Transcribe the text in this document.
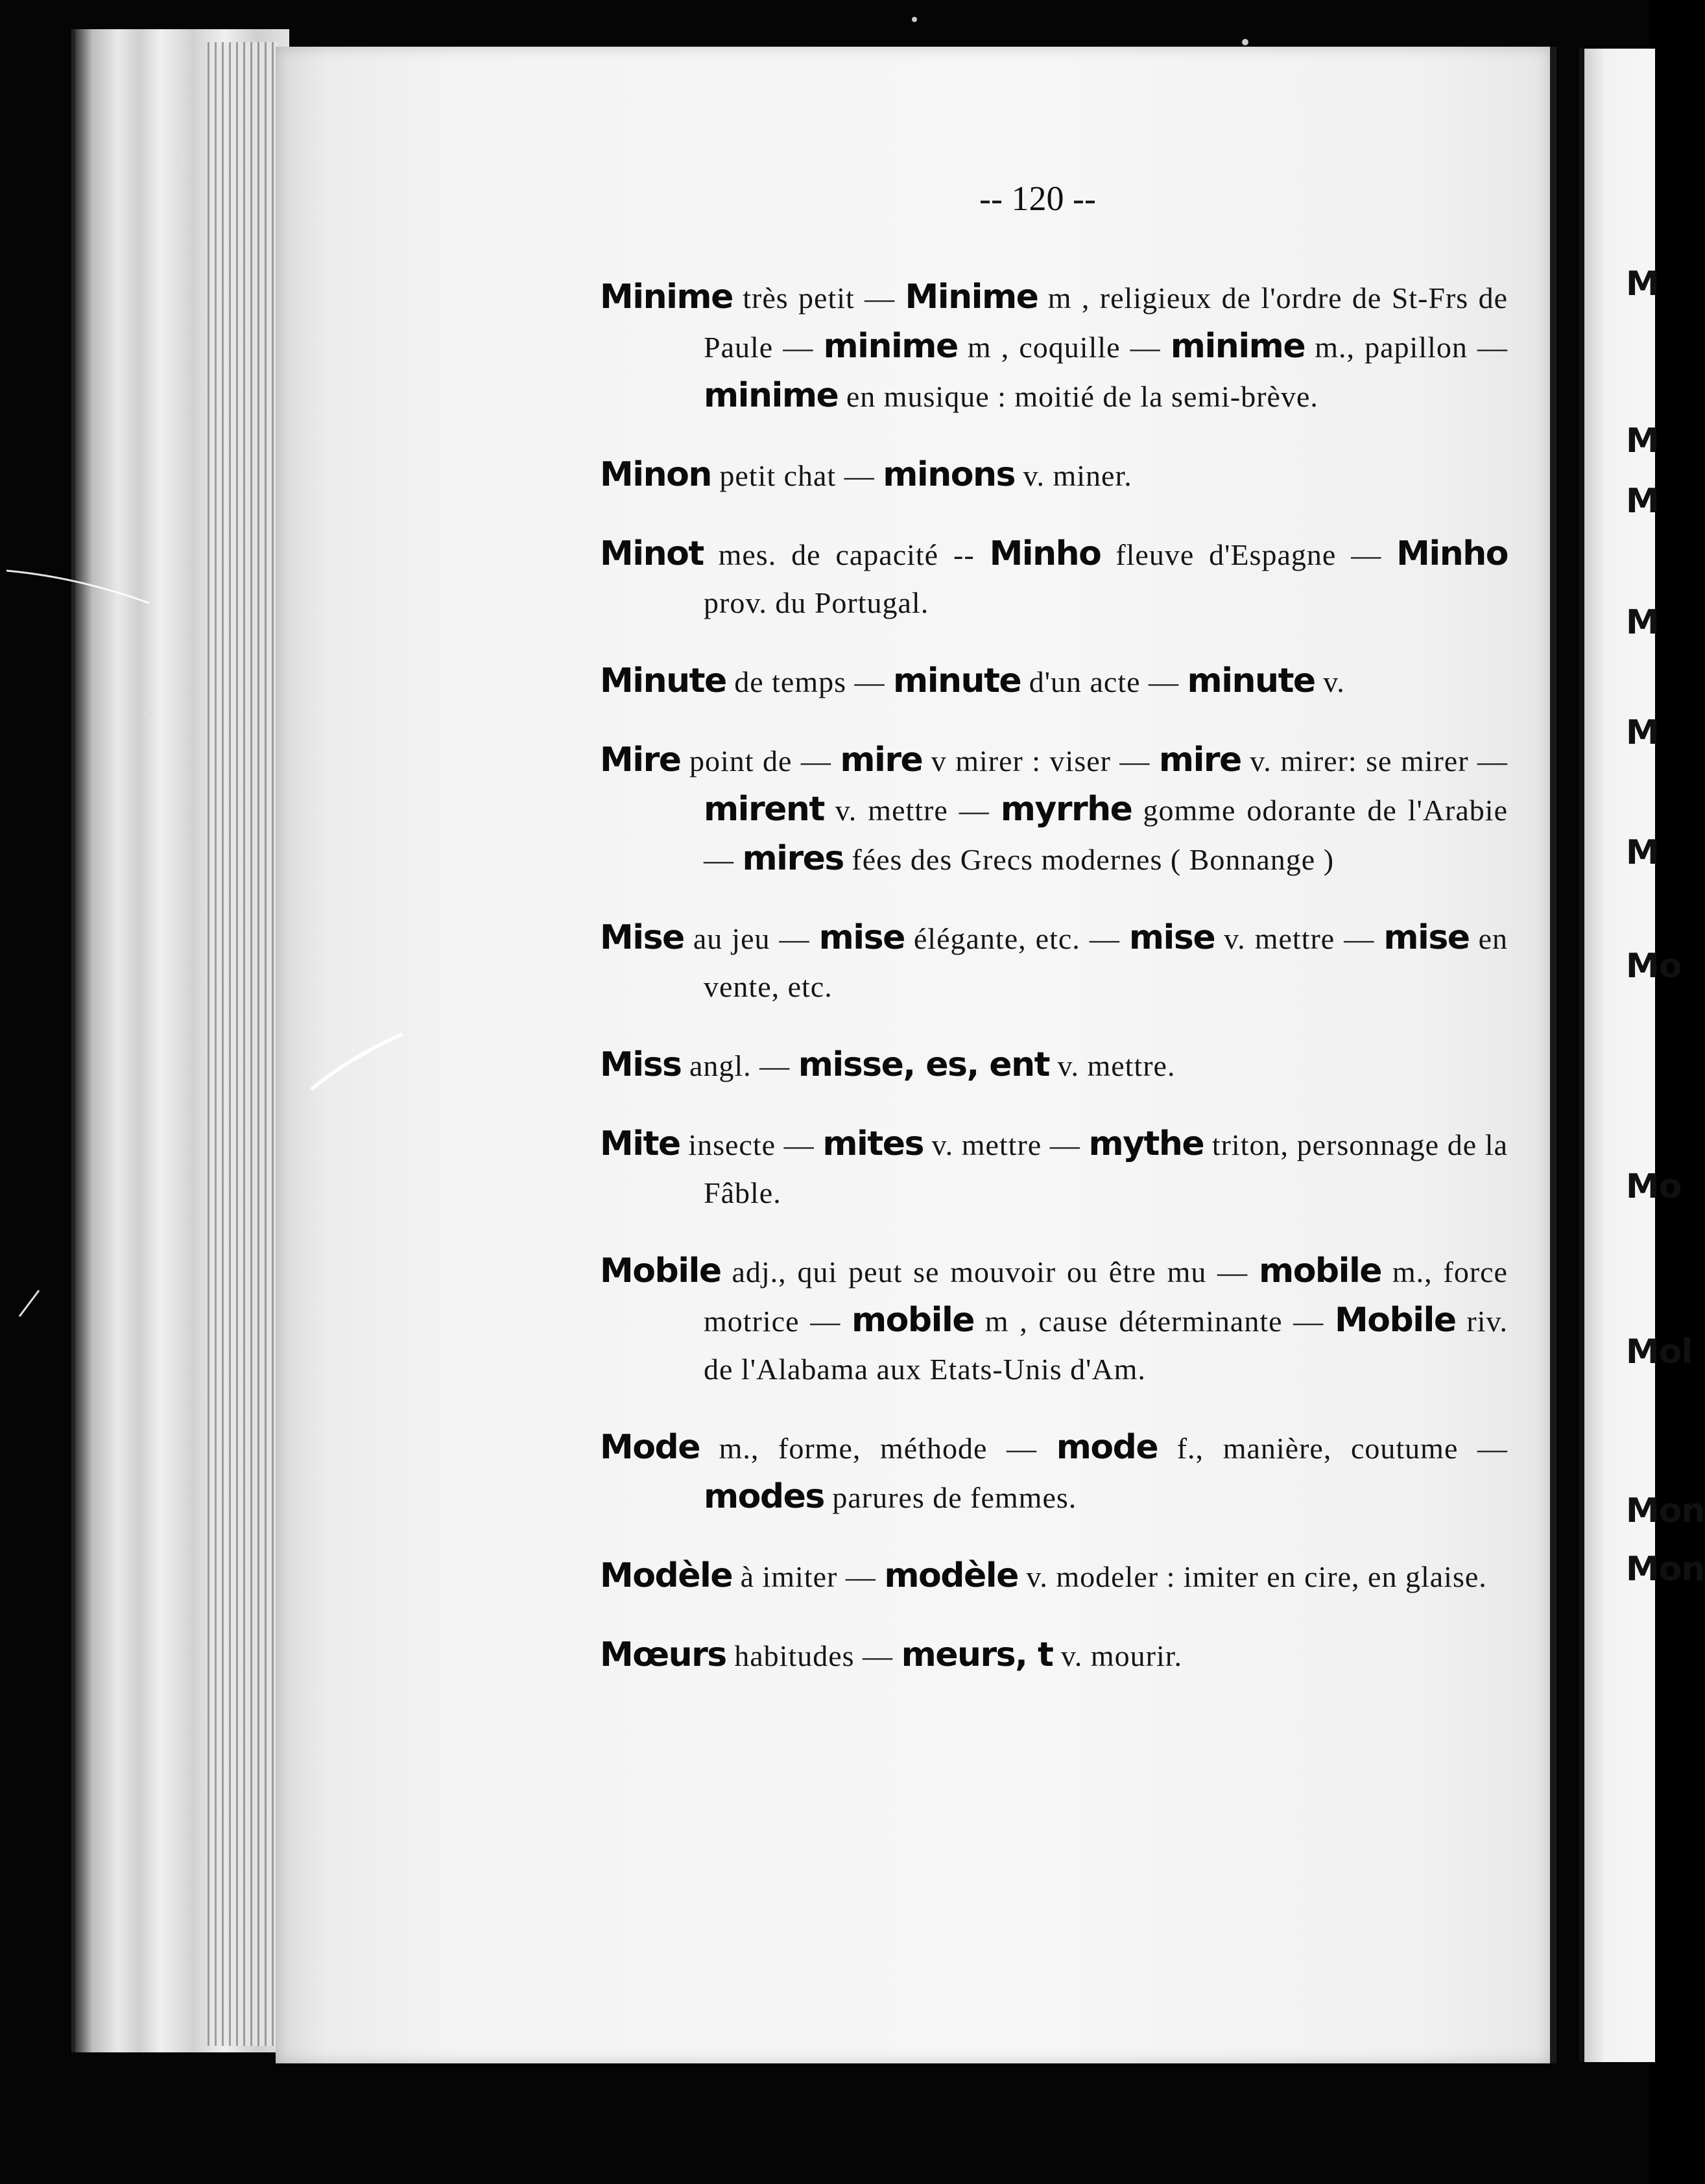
M
M
M
M
M
M
Mo
Mo
Mol
Mon
Mon
-- 120 --

Minime très petit — Minime m , religieux de l'ordre de St-Frs de Paule — minime m , coquille — minime m., papillon — minime en musique : moitié de la semi-brève.

Minon petit chat — minons v. miner.

Minot mes. de capacité -- Minho fleuve d'Espagne — Minho prov. du Portugal.

Minute de temps — minute d'un acte — minute v.

Mire point de — mire v mirer : viser — mire v. mirer: se mirer — mirent v. mettre — myrrhe gomme odorante de l'Arabie — mires fées des Grecs modernes ( Bonnange )

Mise au jeu — mise élégante, etc. — mise v. mettre — mise en vente, etc.

Miss angl. — misse, es, ent v. mettre.

Mite insecte — mites v. mettre — mythe triton, personnage de la Fâble.

Mobile adj., qui peut se mouvoir ou être mu — mobile m., force motrice — mobile m , cause déterminante — Mobile riv. de l'Alabama aux Etats-Unis d'Am.

Mode m., forme, méthode — mode f., manière, coutume — modes parures de femmes.

Modèle à imiter — modèle v. modeler : imiter en cire, en glaise.

Mœurs habitudes — meurs, t v. mourir.
